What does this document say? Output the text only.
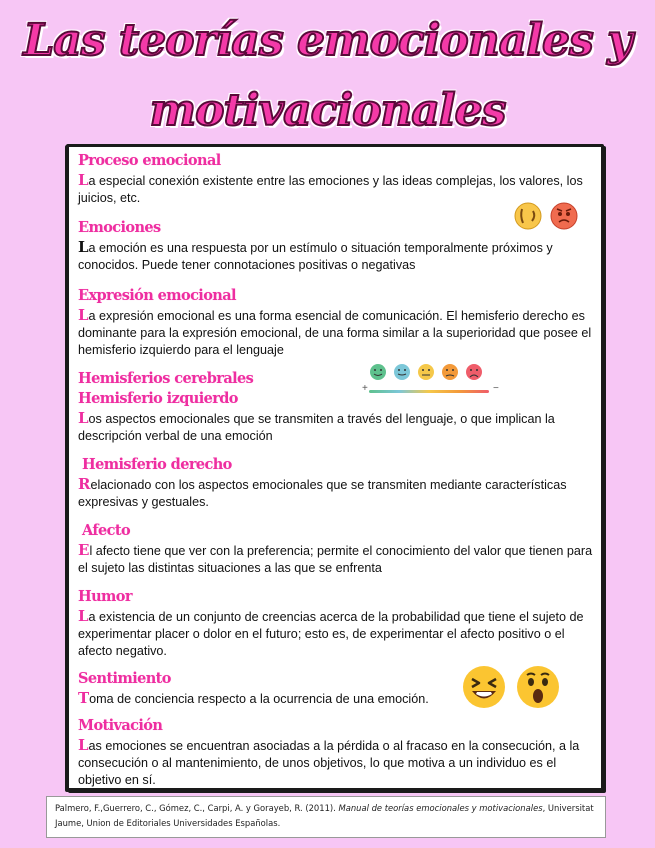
Las teorías emocionales y
motivacionales
Proceso emocional
La especial conexión existente entre las emociones y las ideas complejas, los valores, los juicios, etc.
Emociones
La emoción es una respuesta por un estímulo o situación temporalmente próximos y conocidos. Puede tener connotaciones positivas o negativas
Expresión emocional
La expresión emocional es una forma esencial de comunicación. El hemisferio derecho es dominante para la expresión emocional, de una forma similar a la superioridad que posee el hemisferio izquierdo para el lenguaje
+	−
Hemisferios cerebrales
Hemisferio izquierdo
Los aspectos emocionales que se transmiten a través del lenguaje, o que implican la descripción verbal de una emoción
Hemisferio derecho
Relacionado con los aspectos emocionales que se transmiten mediante características expresivas y gestuales.
Afecto
El afecto tiene que ver con la preferencia; permite el conocimiento del valor que tienen para el sujeto las distintas situaciones a las que se enfrenta
Humor
La existencia de un conjunto de creencias acerca de la probabilidad que tiene el sujeto de experimentar placer o dolor en el futuro; esto es, de experimentar el afecto positivo o el afecto negativo.
Sentimiento
Toma de conciencia respecto a la ocurrencia de una emoción.
Motivación
Las emociones se encuentran asociadas a la pérdida o al fracaso en la consecución, a la consecución o al mantenimiento, de unos objetivos, lo que motiva a un individuo es el objetivo en sí.
Palmero, F.,Guerrero, C., Gómez, C., Carpi, A. y Gorayeb, R. (2011). Manual de teorías emocionales y motivacionales, Universitat Jaume, Union de Editoriales Universidades Españolas.
